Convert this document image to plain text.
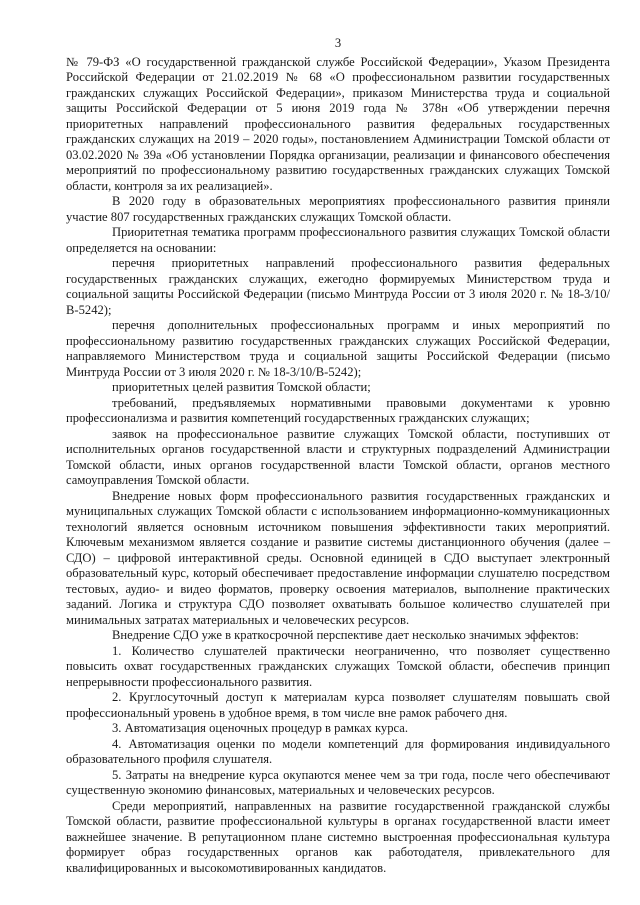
3

№ 79-ФЗ «О государственной гражданской службе Российской Федерации», Указом Президента Российской Федерации от 21.02.2019 № 68 «О профессиональном развитии государственных гражданских служащих Российской Федерации», приказом Министерства труда и социальной защиты Российской Федерации от 5 июня 2019 года № 378н «Об утверждении перечня приоритетных направлений профессионального развития федеральных государственных гражданских служащих на 2019 – 2020 годы», постановлением Администрации Томской области от 03.02.2020 № 39а «Об установлении Порядка организации, реализации и финансового обеспечения мероприятий по профессиональному развитию государственных гражданских служащих Томской области, контроля за их реализацией».

В 2020 году в образовательных мероприятиях профессионального развития приняли участие 807 государственных гражданских служащих Томской области.

Приоритетная тематика программ профессионального развития служащих Томской области определяется на основании:

перечня приоритетных направлений профессионального развития федеральных государственных гражданских служащих, ежегодно формируемых Министерством труда и социальной защиты Российской Федерации (письмо Минтруда России от 3 июля 2020 г. № 18-3/10/В-5242);

перечня дополнительных профессиональных программ и иных мероприятий по профессиональному развитию государственных гражданских служащих Российской Федерации, направляемого Министерством труда и социальной защиты Российской Федерации (письмо Минтруда России от 3 июля 2020 г. № 18-3/10/В-5242);

приоритетных целей развития Томской области;

требований, предъявляемых нормативными правовыми документами к уровню профессионализма и развития компетенций государственных гражданских служащих;

заявок на профессиональное развитие служащих Томской области, поступивших от исполнительных органов государственной власти и структурных подразделений Администрации Томской области, иных органов государственной власти Томской области, органов местного самоуправления Томской области.

Внедрение новых форм профессионального развития государственных гражданских и муниципальных служащих Томской области с использованием информационно-коммуникационных технологий является основным источником повышения эффективности таких мероприятий. Ключевым механизмом является создание и развитие системы дистанционного обучения (далее – СДО) – цифровой интерактивной среды. Основной единицей в СДО выступает электронный образовательный курс, который обеспечивает предоставление информации слушателю посредством тестовых, аудио- и видео форматов, проверку освоения материалов, выполнение практических заданий. Логика и структура СДО позволяет охватывать большое количество слушателей при минимальных затратах материальных и человеческих ресурсов.

Внедрение СДО уже в краткосрочной перспективе дает несколько значимых эффектов:

1. Количество слушателей практически неограниченно, что позволяет существенно повысить охват государственных гражданских служащих Томской области, обеспечив принцип непрерывности профессионального развития.

2. Круглосуточный доступ к материалам курса позволяет слушателям повышать свой профессиональный уровень в удобное время, в том числе вне рамок рабочего дня.

3. Автоматизация оценочных процедур в рамках курса.

4. Автоматизация оценки по модели компетенций для формирования индивидуального образовательного профиля слушателя.

5. Затраты на внедрение курса окупаются менее чем за три года, после чего обеспечивают существенную экономию финансовых, материальных и человеческих ресурсов.

Среди мероприятий, направленных на развитие государственной гражданской службы Томской области, развитие профессиональной культуры в органах государственной власти имеет важнейшее значение. В репутационном плане системно выстроенная профессиональная культура формирует образ государственных органов как работодателя, привлекательного для квалифицированных и высокомотивированных кандидатов.
